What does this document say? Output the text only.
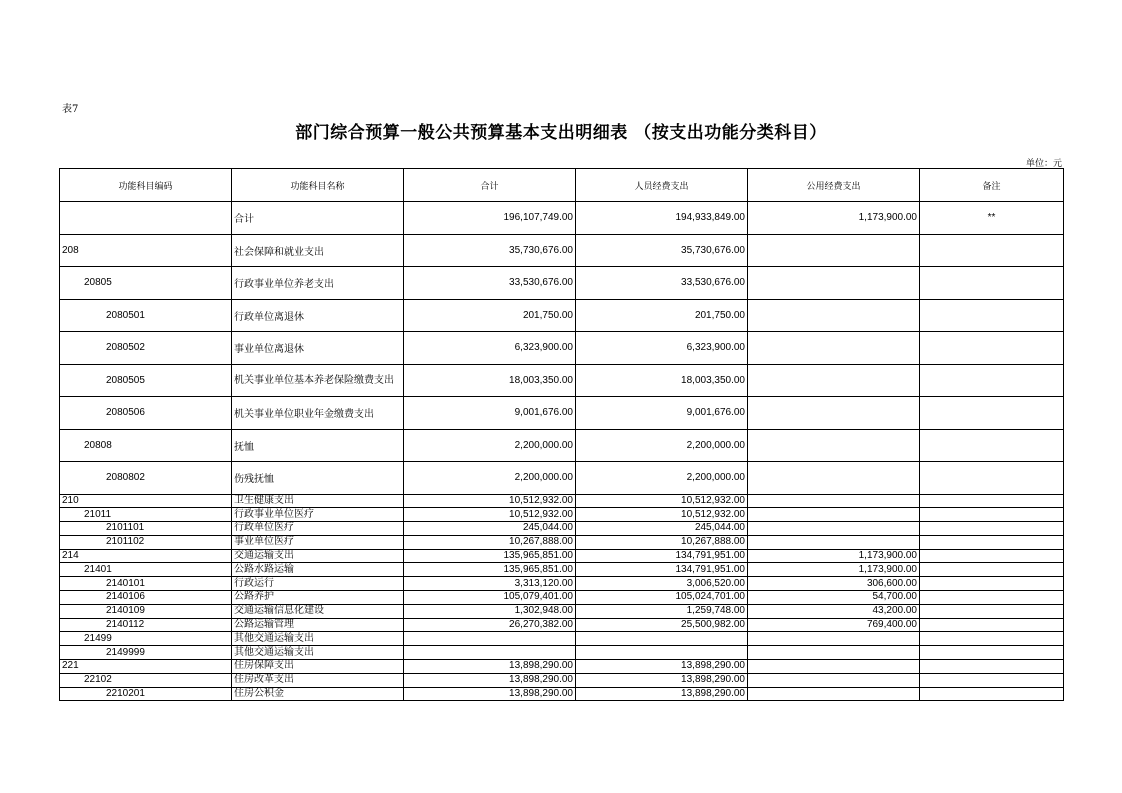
表7
部门综合预算一般公共预算基本支出明细表 （按支出功能分类科目）
单位：元
功能科目编码	功能科目名称	合计	人员经费支出	公用经费支出	备注
	合计	196,107,749.00	194,933,849.00	1,173,900.00	**
208	社会保障和就业支出	35,730,676.00	35,730,676.00		
20805	行政事业单位养老支出	33,530,676.00	33,530,676.00		
2080501	行政单位离退休	201,750.00	201,750.00		
2080502	事业单位离退休	6,323,900.00	6,323,900.00		
2080505	机关事业单位基本养老保险缴费支出	18,003,350.00	18,003,350.00		
2080506	机关事业单位职业年金缴费支出	9,001,676.00	9,001,676.00		
20808	抚恤	2,200,000.00	2,200,000.00		
2080802	伤残抚恤	2,200,000.00	2,200,000.00		
210	卫生健康支出	10,512,932.00	10,512,932.00		
21011	行政事业单位医疗	10,512,932.00	10,512,932.00		
2101101	行政单位医疗	245,044.00	245,044.00		
2101102	事业单位医疗	10,267,888.00	10,267,888.00		
214	交通运输支出	135,965,851.00	134,791,951.00	1,173,900.00	
21401	公路水路运输	135,965,851.00	134,791,951.00	1,173,900.00	
2140101	行政运行	3,313,120.00	3,006,520.00	306,600.00	
2140106	公路养护	105,079,401.00	105,024,701.00	54,700.00	
2140109	交通运输信息化建设	1,302,948.00	1,259,748.00	43,200.00	
2140112	公路运输管理	26,270,382.00	25,500,982.00	769,400.00	
21499	其他交通运输支出				
2149999	其他交通运输支出				
221	住房保障支出	13,898,290.00	13,898,290.00		
22102	住房改革支出	13,898,290.00	13,898,290.00		
2210201	住房公积金	13,898,290.00	13,898,290.00		
